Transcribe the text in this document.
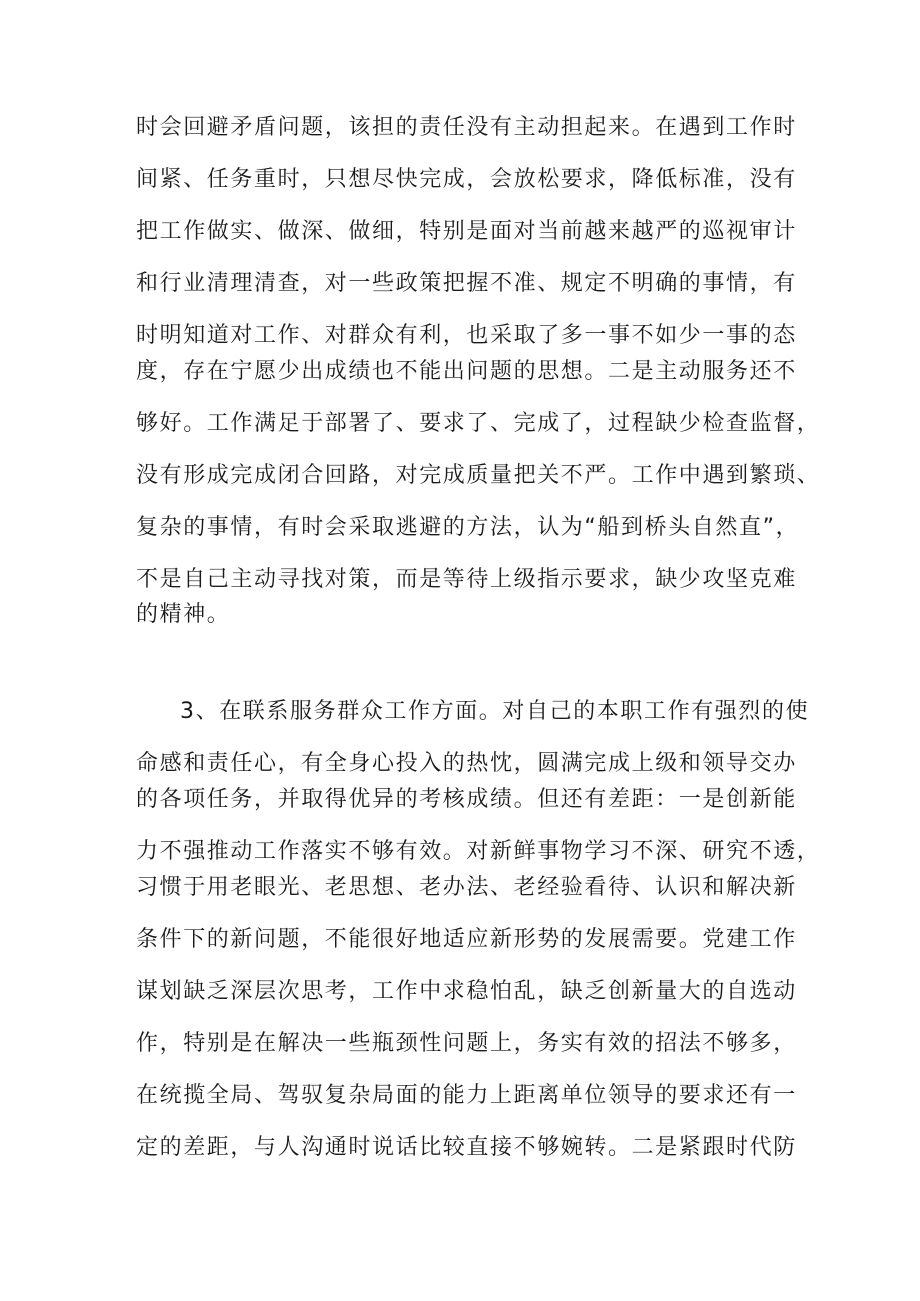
时会回避矛盾问题，该担的责任没有主动担起来。在遇到工作时
间紧、任务重时，只想尽快完成，会放松要求，降低标准，没有
把工作做实、做深、做细，特别是面对当前越来越严的巡视审计
和行业清理清查，对一些政策把握不准、规定不明确的事情，有
时明知道对工作、对群众有利，也采取了多一事不如少一事的态
度，存在宁愿少出成绩也不能出问题的思想。二是主动服务还不
够好。工作满足于部署了、要求了、完成了，过程缺少检查监督，
没有形成完成闭合回路，对完成质量把关不严。工作中遇到繁琐、
复杂的事情，有时会采取逃避的方法，认为“船到桥头自然直”，
不是自己主动寻找对策，而是等待上级指示要求，缺少攻坚克难
的精神。
3、在联系服务群众工作方面。对自己的本职工作有强烈的使
命感和责任心，有全身心投入的热忱，圆满完成上级和领导交办
的各项任务，并取得优异的考核成绩。但还有差距：一是创新能
力不强推动工作落实不够有效。对新鲜事物学习不深、研究不透，
习惯于用老眼光、老思想、老办法、老经验看待、认识和解决新
条件下的新问题，不能很好地适应新形势的发展需要。党建工作
谋划缺乏深层次思考，工作中求稳怕乱，缺乏创新量大的自选动
作，特别是在解决一些瓶颈性问题上，务实有效的招法不够多，
在统揽全局、驾驭复杂局面的能力上距离单位领导的要求还有一
定的差距，与人沟通时说话比较直接不够婉转。二是紧跟时代防
